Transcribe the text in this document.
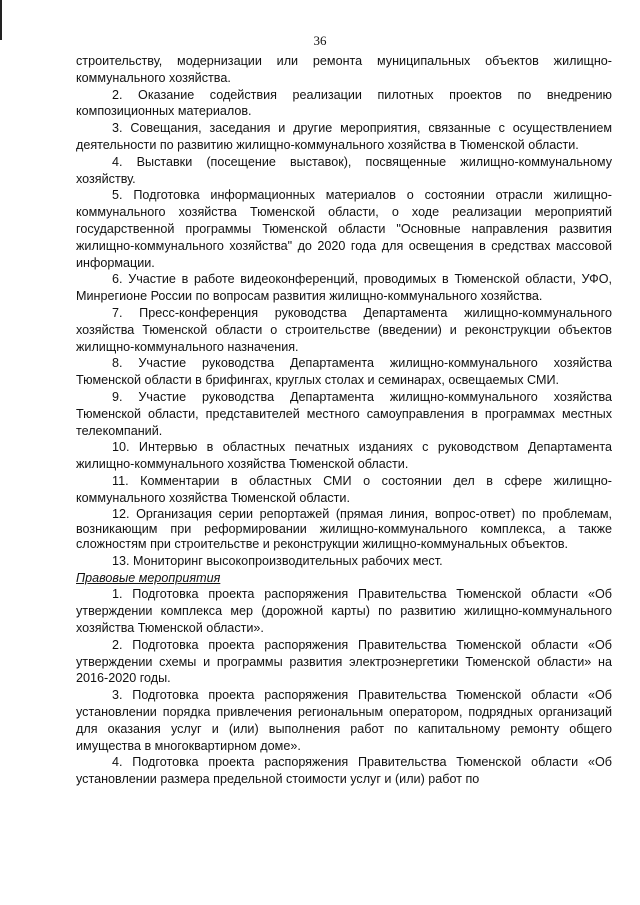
36

строительству, модернизации или ремонта муниципальных объектов жилищно-коммунального хозяйства.

2. Оказание содействия реализации пилотных проектов по внедрению композиционных материалов.

3. Совещания, заседания и другие мероприятия, связанные с осуществлением деятельности по развитию жилищно-коммунального хозяйства в Тюменской области.

4. Выставки (посещение выставок), посвященные жилищно-коммунальному хозяйству.

5. Подготовка информационных материалов о состоянии отрасли жилищно-коммунального хозяйства Тюменской области, о ходе реализации мероприятий государственной программы Тюменской области "Основные направления развития жилищно-коммунального хозяйства" до 2020 года для освещения в средствах массовой информации.

6. Участие в работе видеоконференций, проводимых в Тюменской области, УФО, Минрегионе России по вопросам развития жилищно-коммунального хозяйства.

7. Пресс-конференция руководства Департамента жилищно-коммунального хозяйства Тюменской области о строительстве (введении) и реконструкции объектов жилищно-коммунального назначения.

8. Участие руководства Департамента жилищно-коммунального хозяйства Тюменской области в брифингах, круглых столах и семинарах, освещаемых СМИ.

9. Участие руководства Департамента жилищно-коммунального хозяйства Тюменской области, представителей местного самоуправления в программах местных телекомпаний.

10. Интервью в областных печатных изданиях с руководством Департамента жилищно-коммунального хозяйства Тюменской области.

11. Комментарии в областных СМИ о состоянии дел в сфере жилищно-коммунального хозяйства Тюменской области.

12. Организация серии репортажей (прямая линия, вопрос-ответ) по проблемам, возникающим при реформировании жилищно-коммунального комплекса, а также сложностям при строительстве и реконструкции жилищно-коммунальных объектов.

13. Мониторинг высокопроизводительных рабочих мест.

Правовые мероприятия

1. Подготовка проекта распоряжения Правительства Тюменской области «Об утверждении комплекса мер (дорожной карты) по развитию жилищно-коммунального хозяйства Тюменской области».

2. Подготовка проекта распоряжения Правительства Тюменской области «Об утверждении схемы и программы развития электроэнергетики Тюменской области» на 2016-2020 годы.

3. Подготовка проекта распоряжения Правительства Тюменской области «Об установлении порядка привлечения региональным оператором, подрядных организаций для оказания услуг и (или) выполнения работ по капитальному ремонту общего имущества в многоквартирном доме».

4. Подготовка проекта распоряжения Правительства Тюменской области «Об установлении размера предельной стоимости услуг и (или) работ по
